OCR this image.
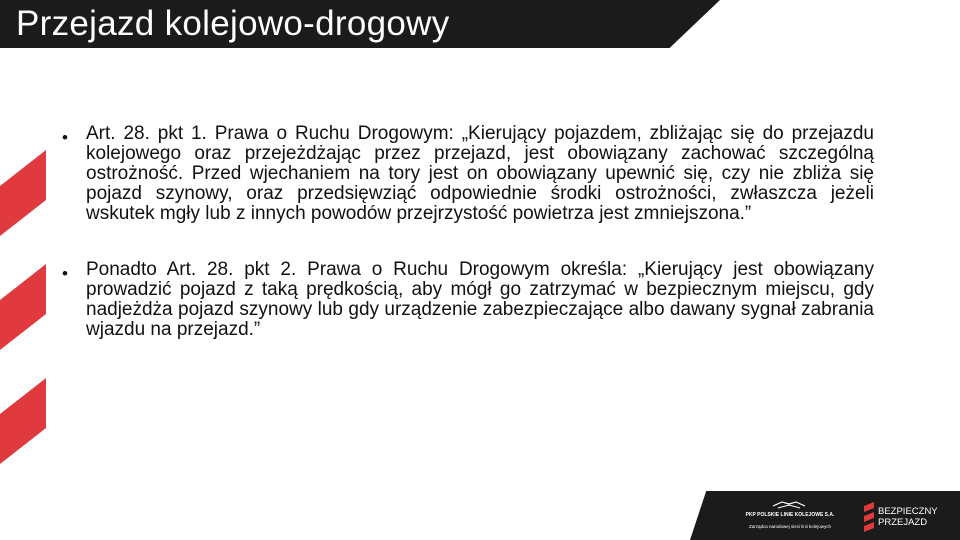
Przejazd kolejowo-drogowy
• Art. 28. pkt 1. Prawa o Ruchu Drogowym: „Kierujący pojazdem, zbliżając się do przejazdu kolejowego oraz przejeżdżając przez przejazd, jest obowiązany zachować szczególną ostrożność. Przed wjechaniem na tory jest on obowiązany upewnić się, czy nie zbliża się pojazd szynowy, oraz przedsięwziąć odpowiednie środki ostrożności, zwłaszcza jeżeli wskutek mgły lub z innych powodów przejrzystość powietrza jest zmniejszona.”
• Ponadto Art. 28. pkt 2. Prawa o Ruchu Drogowym określa: „Kierujący jest obowiązany prowadzić pojazd z taką prędkością, aby mógł go zatrzymać w bezpiecznym miejscu, gdy nadjeżdża pojazd szynowy lub gdy urządzenie zabezpieczające albo dawany sygnał zabrania wjazdu na przejazd.”
PKP POLSKIE LINIE KOLEJOWE S.A.
Zarządca narodowej sieci linii kolejowych
BEZPIECZNY
PRZEJAZD
